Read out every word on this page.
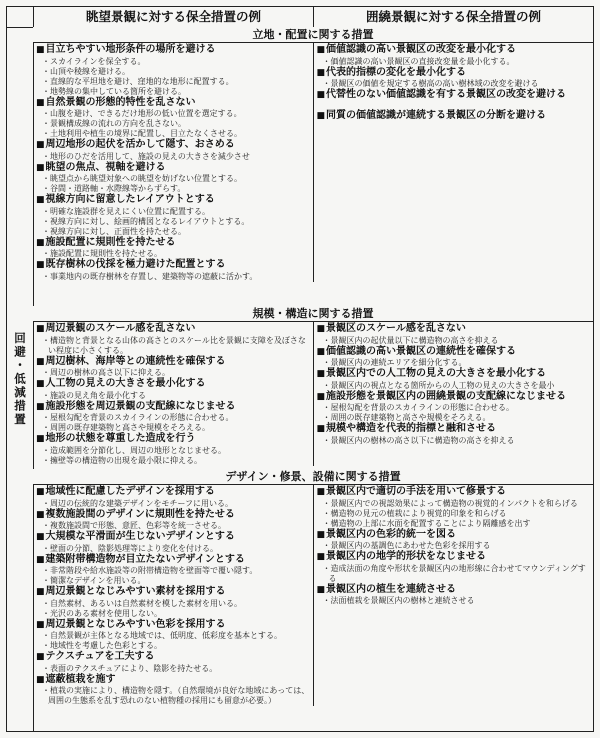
眺望景観に対する保全措置の例	囲繞景観に対する保全措置の例
回避・低減措置
立地・配置に関する措置
■ 目立ちやすい地形条件の場所を避ける
・ スカイラインを保全する。
・ 山頂や稜線を避ける。
・ 直線的な平坦地を避け、窪地的な地形に配置する。
・ 地勢線の集中している箇所を避ける。
■ 自然景観の形態的特性を乱さない
・ 山腹を避け、できるだけ地形の低い位置を選定する。
・ 景観構成線の流れの方向を乱さない。
・ 土地利用や植生の境界に配置し、目立たなくさせる。
■ 周辺地形の起伏を活かして隠す、おさめる
・ 地形のひだを活用して、施設の見えの大きさを減少させ
■ 眺望の焦点、視軸を避ける
・ 眺望点から眺望対象への眺望を妨げない位置とする。
・ 谷間・道路軸・水際線等からずらす。
■ 視線方向に留意したレイアウトとする
・ 明確な施設群を見えにくい位置に配置する。
・ 視線方向に対し、絵画的構図となるレイアウトとする。
・ 視線方向に対し、正面性を持たせる。
■ 施設配置に規則性を持たせる
・ 施設配置に規則性を持たせる。
■ 既存樹林の伐採を極力避けた配置とする
・ 事業地内の既存樹林を存置し、建築物等の遮蔽に活かす。
■ 価値認識の高い景観区の改変を最小化する
・ 価値認識の高い景観区の直接改変量を最小化する。
■ 代表的指標の変化を最小化する
・ 景観区の価値を規定する樹高の高い樹林域の改変を避ける
■ 代替性のない価値認識を有する景観区の改変を避ける
■ 同質の価値認識が連続する景観区の分断を避ける
規模・構造に関する措置
■ 周辺景観のスケール感を乱さない
・ 構造物と背景となる山体の高さとのスケール比を景観に支障を及ぼさない程度に小さくする。
■ 周辺樹林、海岸等との連続性を確保する
・ 周辺の樹林の高さ以下に抑える。
■ 人工物の見えの大きさを最小化する
・ 施設の見え角を最小化する
■ 施設形態を周辺景観の支配線になじませる
・ 屋根勾配を背景のスカイラインの形態に合わせる。
・ 周囲の既存建築物と高さや規模をそろえる。
■ 地形の状態を尊重した造成を行う
・ 造成範囲を分節化し、周辺の地形となじませる。
・ 擁壁等の構造物の出現を最小限に抑える。
■ 景観区のスケール感を乱さない
・ 景観区内の起伏量以下に構造物の高さを抑える
■ 価値認識の高い景観区の連続性を確保する
・ 景観区内の連続エリアを細分化する。
■ 景観区内での人工物の見えの大きさを最小化する
・ 景観区内の視点となる箇所からの人工物の見えの大きさを最小
■ 施設形態を景観区内の囲繞景観の支配線になじませる
・ 屋根勾配を背景のスカイラインの形態に合わせる。
・ 周囲の既存建築物と高さや規模をそろえる。
■ 規模や構造を代表的指標と融和させる
・ 景観区内の樹林の高さ以下に構造物の高さを抑える
デザイン・修景、設備に関する措置
■ 地域性に配慮したデザインを採用する
・ 周辺の伝統的な建築デザインをモチーフに用いる。
■ 複数施設間のデザインに規則性を持たせる
・ 複数施設間で形態、意匠、色彩等を統一させる。
■ 大規模な平滑面が生じないデザインとする
・ 壁面の分節、陰影処理等により変化を付ける。
■ 建築附帯構造物が目立たないデザインとする
・ 非常階段や給水施設等の附帯構造物を壁面等で覆い隠す。
・ 簡潔なデザインを用いる。
■ 周辺景観となじみやすい素材を採用する
・ 自然素材、あるいは自然素材を模した素材を用いる。
・ 光沢のある素材を使用しない。
■ 周辺景観となじみやすい色彩を採用する
・ 自然景観が主体となる地域では、低明度、低彩度を基本とする。
・ 地域性を考慮した色彩とする。
■ テクスチュアを工夫する
・ 表面のテクスチュアにより、陰影を持たせる。
■ 遮蔽植栽を施す
・ 植栽の実施により、構造物を隠す。（自然環境が良好な地域にあっては、周囲の生態系を乱す恐れのない植物種の採用にも留意が必要。）
■ 景観区内で適切の手法を用いて修景する
・ 景観区内での視認効果によって構造物の視覚的インパクトを和らげる
・ 構造物の見元の植栽により視覚的印象を和らげる
・ 構造物の上部に水面を配置することにより隔離感を出す
■ 景観区内の色彩的統一を図る
・ 景観区内の基調色にあわせた色彩を採用する
■ 景観区内の地学的形状をなじませる
・ 造成法面の角度や形状を景観区内の地形線に合わせてマウンディングする
■ 景観区内の植生を連続させる
・ 法面植栽を景観区内の樹林と連続させる
